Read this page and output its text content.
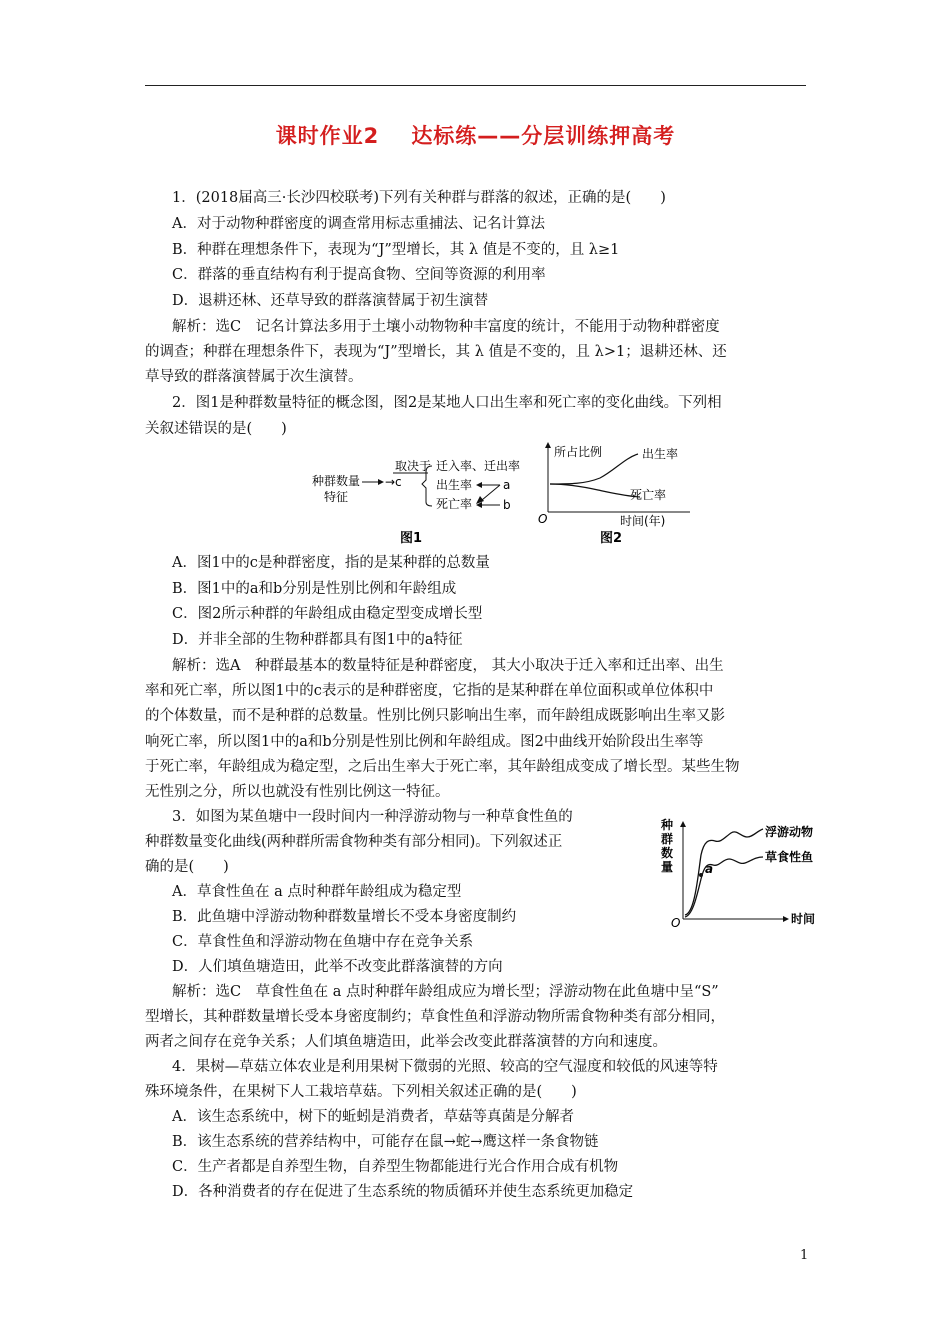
课时作业2 达标练——分层训练押高考
1．(2018届高三·长沙四校联考)下列有关种群与群落的叙述，正确的是(　　)
A．对于动物种群密度的调查常用标志重捕法、记名计算法
B．种群在理想条件下，表现为“J”型增长，其 λ 值是不变的，且 λ≥1
C．群落的垂直结构有利于提高食物、空间等资源的利用率
D．退耕还林、还草导致的群落演替属于初生演替
解析：选C　记名计算法多用于土壤小动物物种丰富度的统计，不能用于动物种群密度
的调查；种群在理想条件下，表现为“J”型增长，其 λ 值是不变的，且 λ>1；退耕还林、还
草导致的群落演替属于次生演替。
2．图1是种群数量特征的概念图，图2是某地人口出生率和死亡率的变化曲线。下列相
关叙述错误的是(　　)
种群数量
特征
→c
取决于 迁入率、迁出率
出生率
死亡率
a
b
图1
所占比例	出生率
死亡率
O	时间(年)
图2
A．图1中的c是种群密度，指的是某种群的总数量
B．图1中的a和b分别是性别比例和年龄组成
C．图2所示种群的年龄组成由稳定型变成增长型
D．并非全部的生物种群都具有图1中的a特征
解析：选A　种群最基本的数量特征是种群密度， 其大小取决于迁入率和迁出率、出生
率和死亡率，所以图1中的c表示的是种群密度，它指的是某种群在单位面积或单位体积中
的个体数量，而不是种群的总数量。性别比例只影响出生率，而年龄组成既影响出生率又影
响死亡率，所以图1中的a和b分别是性别比例和年龄组成。图2中曲线开始阶段出生率等
于死亡率，年龄组成为稳定型，之后出生率大于死亡率，其年龄组成变成了增长型。某些生物
无性别之分，所以也就没有性别比例这一特征。
3．如图为某鱼塘中一段时间内一种浮游动物与一种草食性鱼的
种群数量变化曲线(两种群所需食物种类有部分相同)。下列叙述正
确的是(　　)
A．草食性鱼在 a 点时种群年龄组成为稳定型
B．此鱼塘中浮游动物种群数量增长不受本身密度制约
C．草食性鱼和浮游动物在鱼塘中存在竞争关系
D．人们填鱼塘造田，此举不改变此群落演替的方向
种
群
数
量	a
浮游动物
草食性鱼
O	时间
解析：选C　草食性鱼在 a 点时种群年龄组成应为增长型；浮游动物在此鱼塘中呈“S”
型增长，其种群数量增长受本身密度制约；草食性鱼和浮游动物所需食物种类有部分相同，
两者之间存在竞争关系；人们填鱼塘造田，此举会改变此群落演替的方向和速度。
4．果树—草菇立体农业是利用果树下微弱的光照、较高的空气湿度和较低的风速等特
殊环境条件，在果树下人工栽培草菇。下列相关叙述正确的是(　　)
A．该生态系统中，树下的蚯蚓是消费者，草菇等真菌是分解者
B．该生态系统的营养结构中，可能存在鼠→蛇→鹰这样一条食物链
C．生产者都是自养型生物，自养型生物都能进行光合作用合成有机物
D．各种消费者的存在促进了生态系统的物质循环并使生态系统更加稳定
1
